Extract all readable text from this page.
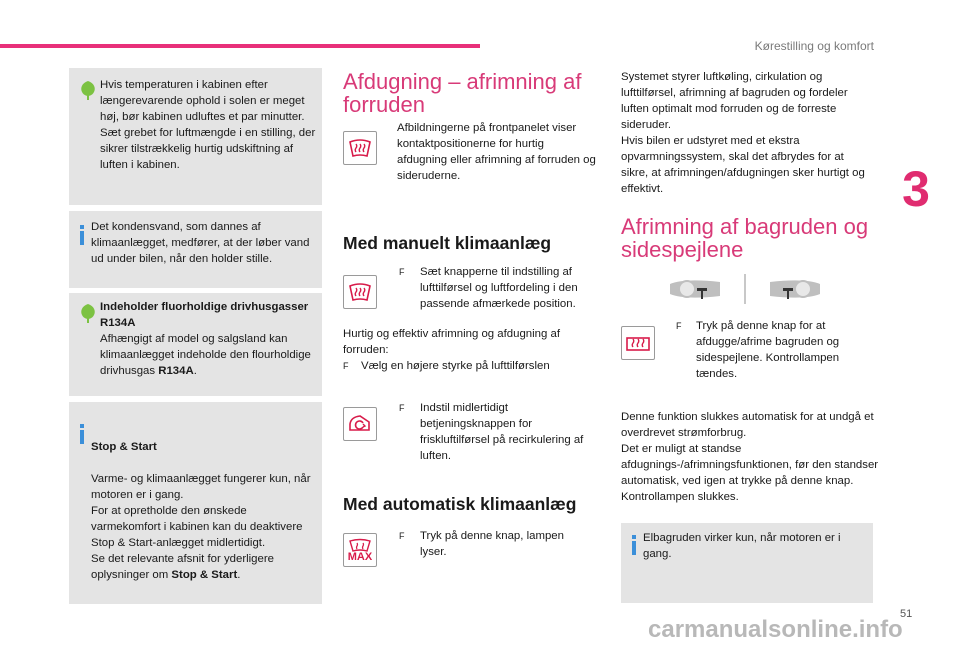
Kørestilling og komfort
3
Hvis temperaturen i kabinen efter længerevarende ophold i solen er meget høj, bør kabinen udluftes et par minutter. Sæt grebet for luftmængde i en stilling, der sikrer tilstrækkelig hurtig udskiftning af luften i kabinen.
Det kondensvand, som dannes af klimaanlægget, medfører, at der løber vand ud under bilen, når den holder stille.
Indeholder fluorholdige drivhusgasser R134A
Afhængigt af model og salgsland kan klimaanlægget indeholde den flourholdige drivhusgas R134A.

Stop & Start

Varme- og klimaanlægget fungerer kun, når motoren er i gang.
For at opretholde den ønskede varmekomfort i kabinen kan du deaktivere Stop & Start-anlægget midlertidigt.
Se det relevante afsnit for yderligere oplysninger om Stop & Start.

Afdugning – afrimning af forruden
Afbildningerne på frontpanelet viser kontaktpositionerne for hurtig afdugning eller afrimning af forruden og sideruderne.
Med manuelt klimaanlæg
F Sæt knapperne til indstilling af lufttilførsel og luftfordeling i den passende afmærkede position.
Hurtig og effektiv afrimning og afdugning af forruden:
F Vælg en højere styrke på lufttilførslen
F Indstil midlertidigt betjeningsknappen for friskluftilførsel på recirkulering af luften.
Med automatisk klimaanlæg
MAX
F Tryk på denne knap, lampen lyser.
Systemet styrer luftkøling, cirkulation og lufttilførsel, afrimning af bagruden og fordeler luften optimalt mod forruden og de forreste sideruder.
Hvis bilen er udstyret med et ekstra opvarmningssystem, skal det afbrydes for at sikre, at afrimningen/afdugningen sker hurtigt og effektivt.
Afrimning af bagruden og sidespejlene
F Tryk på denne knap for at afdugge/afrime bagruden og sidespejlene. Kontrollampen tændes.
Denne funktion slukkes automatisk for at undgå et overdrevet strømforbrug.
Det er muligt at standse afdugnings-/afrimningsfunktionen, før den standser automatisk, ved igen at trykke på denne knap. Kontrollampen slukkes.
Elbagruden virker kun, når motoren er i gang.
51
carmanualsonline.info
